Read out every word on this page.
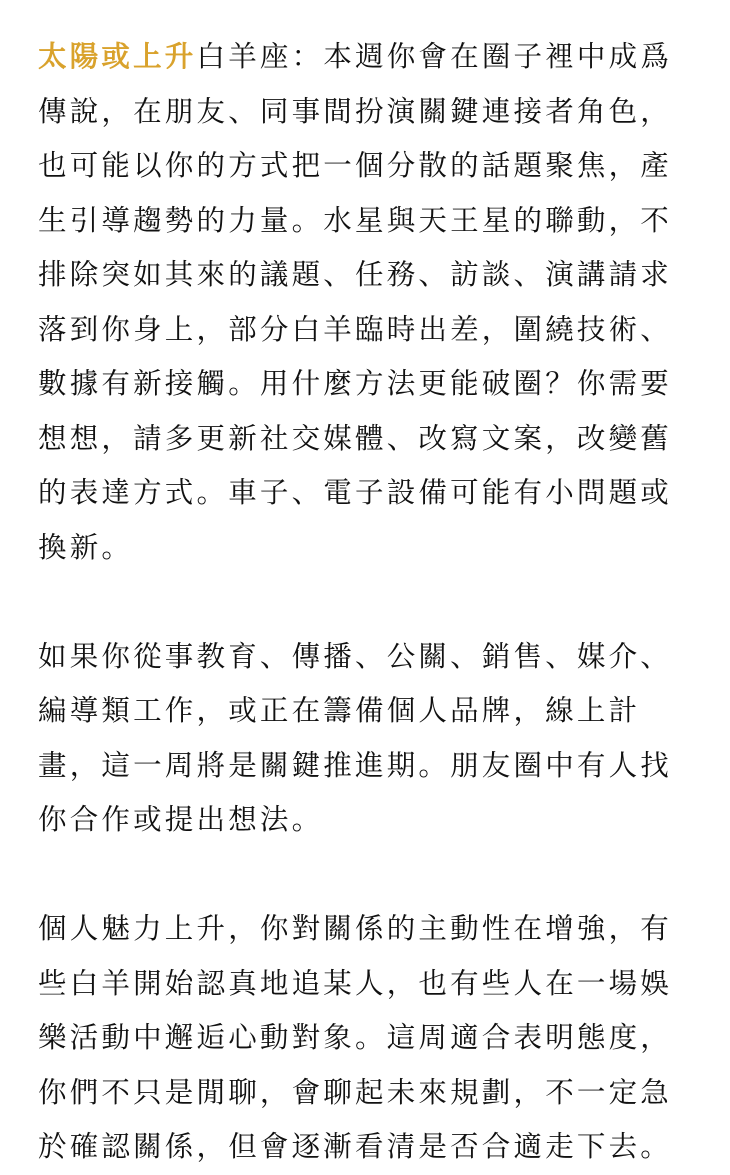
太陽或上升白羊座：本週你會在圈子裡中成爲傳說，在朋友、同事間扮演關鍵連接者角色，也可能以你的方式把一個分散的話題聚焦，產生引導趨勢的力量。水星與天王星的聯動，不排除突如其來的議題、任務、訪談、演講請求落到你身上，部分白羊臨時出差，圍繞技術、數據有新接觸。用什麼方法更能破圈？你需要想想，請多更新社交媒體、改寫文案，改變舊的表達方式。車子、電子設備可能有小問題或換新。

如果你從事教育、傳播、公關、銷售、媒介、編導類工作，或正在籌備個人品牌，線上計畫，這一周將是關鍵推進期。朋友圈中有人找你合作或提出想法。

個人魅力上升，你對關係的主動性在增強，有些白羊開始認真地追某人，也有些人在一場娛樂活動中邂逅心動對象。這周適合表明態度，你們不只是閒聊，會聊起未來規劃，不一定急於確認關係，但會逐漸看清是否合適走下去。
